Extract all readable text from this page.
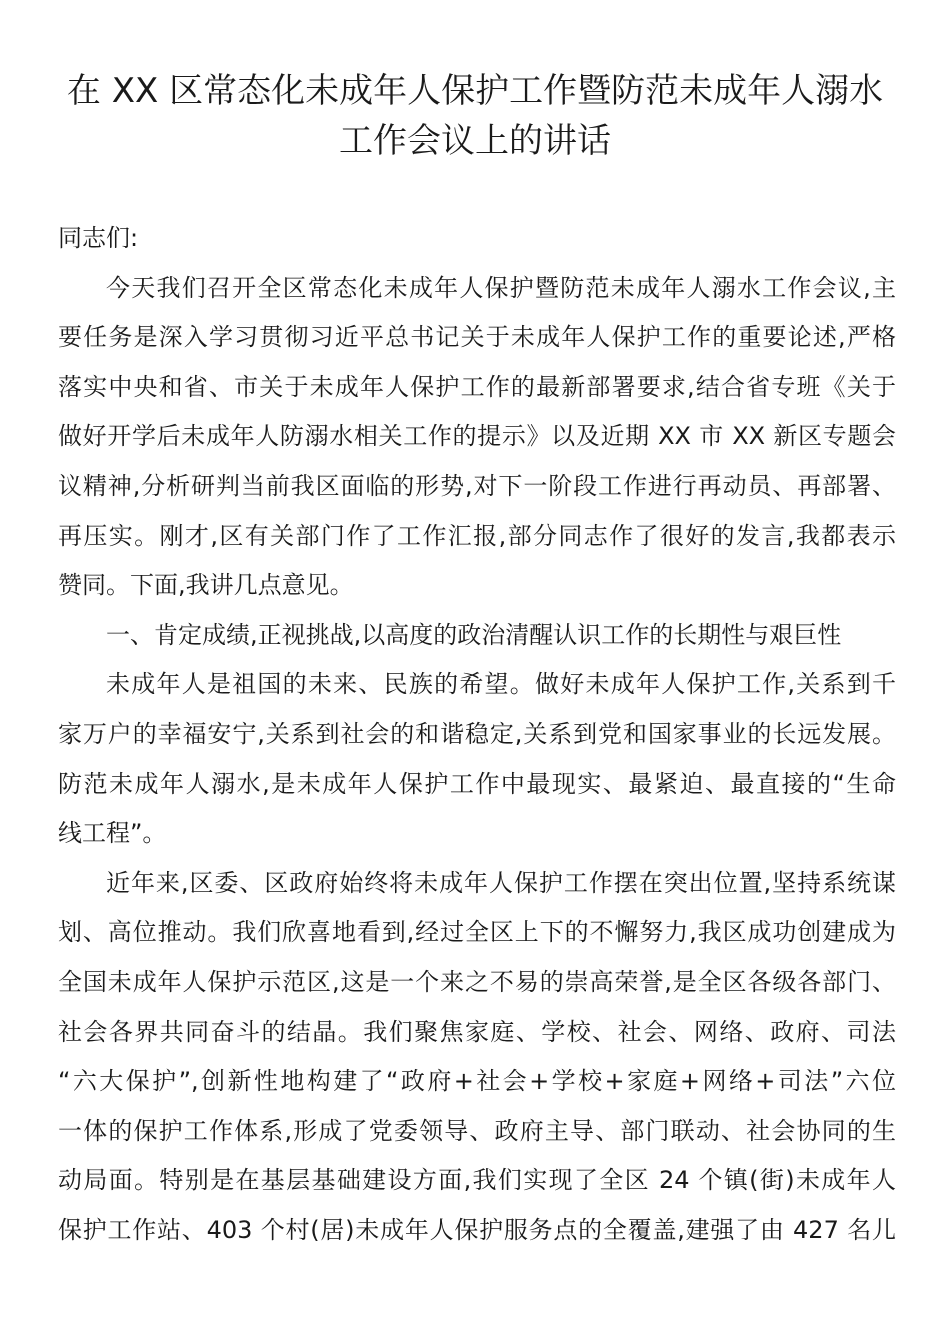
在 XX 区常态化未成年人保护工作暨防范未成年人溺水
工作会议上的讲话
同志们:
今天我们召开全区常态化未成年人保护暨防范未成年人溺水工作会议,主
要任务是深入学习贯彻习近平总书记关于未成年人保护工作的重要论述,严格
落实中央和省、市关于未成年人保护工作的最新部署要求,结合省专班《关于
做好开学后未成年人防溺水相关工作的提示》以及近期 XX 市 XX 新区专题会
议精神,分析研判当前我区面临的形势,对下一阶段工作进行再动员、再部署、
再压实。刚才,区有关部门作了工作汇报,部分同志作了很好的发言,我都表示
赞同。下面,我讲几点意见。
一、肯定成绩,正视挑战,以高度的政治清醒认识工作的长期性与艰巨性
未成年人是祖国的未来、民族的希望。做好未成年人保护工作,关系到千
家万户的幸福安宁,关系到社会的和谐稳定,关系到党和国家事业的长远发展。
防范未成年人溺水,是未成年人保护工作中最现实、最紧迫、最直接的“生命
线工程”。
近年来,区委、区政府始终将未成年人保护工作摆在突出位置,坚持系统谋
划、高位推动。我们欣喜地看到,经过全区上下的不懈努力,我区成功创建成为
全国未成年人保护示范区,这是一个来之不易的崇高荣誉,是全区各级各部门、
社会各界共同奋斗的结晶。我们聚焦家庭、学校、社会、网络、政府、司法
“六大保护”,创新性地构建了“政府+社会+学校+家庭+网络+司法”六位
一体的保护工作体系,形成了党委领导、政府主导、部门联动、社会协同的生
动局面。特别是在基层基础建设方面,我们实现了全区 24 个镇(街)未成年人
保护工作站、403 个村(居)未成年人保护服务点的全覆盖,建强了由 427 名儿
